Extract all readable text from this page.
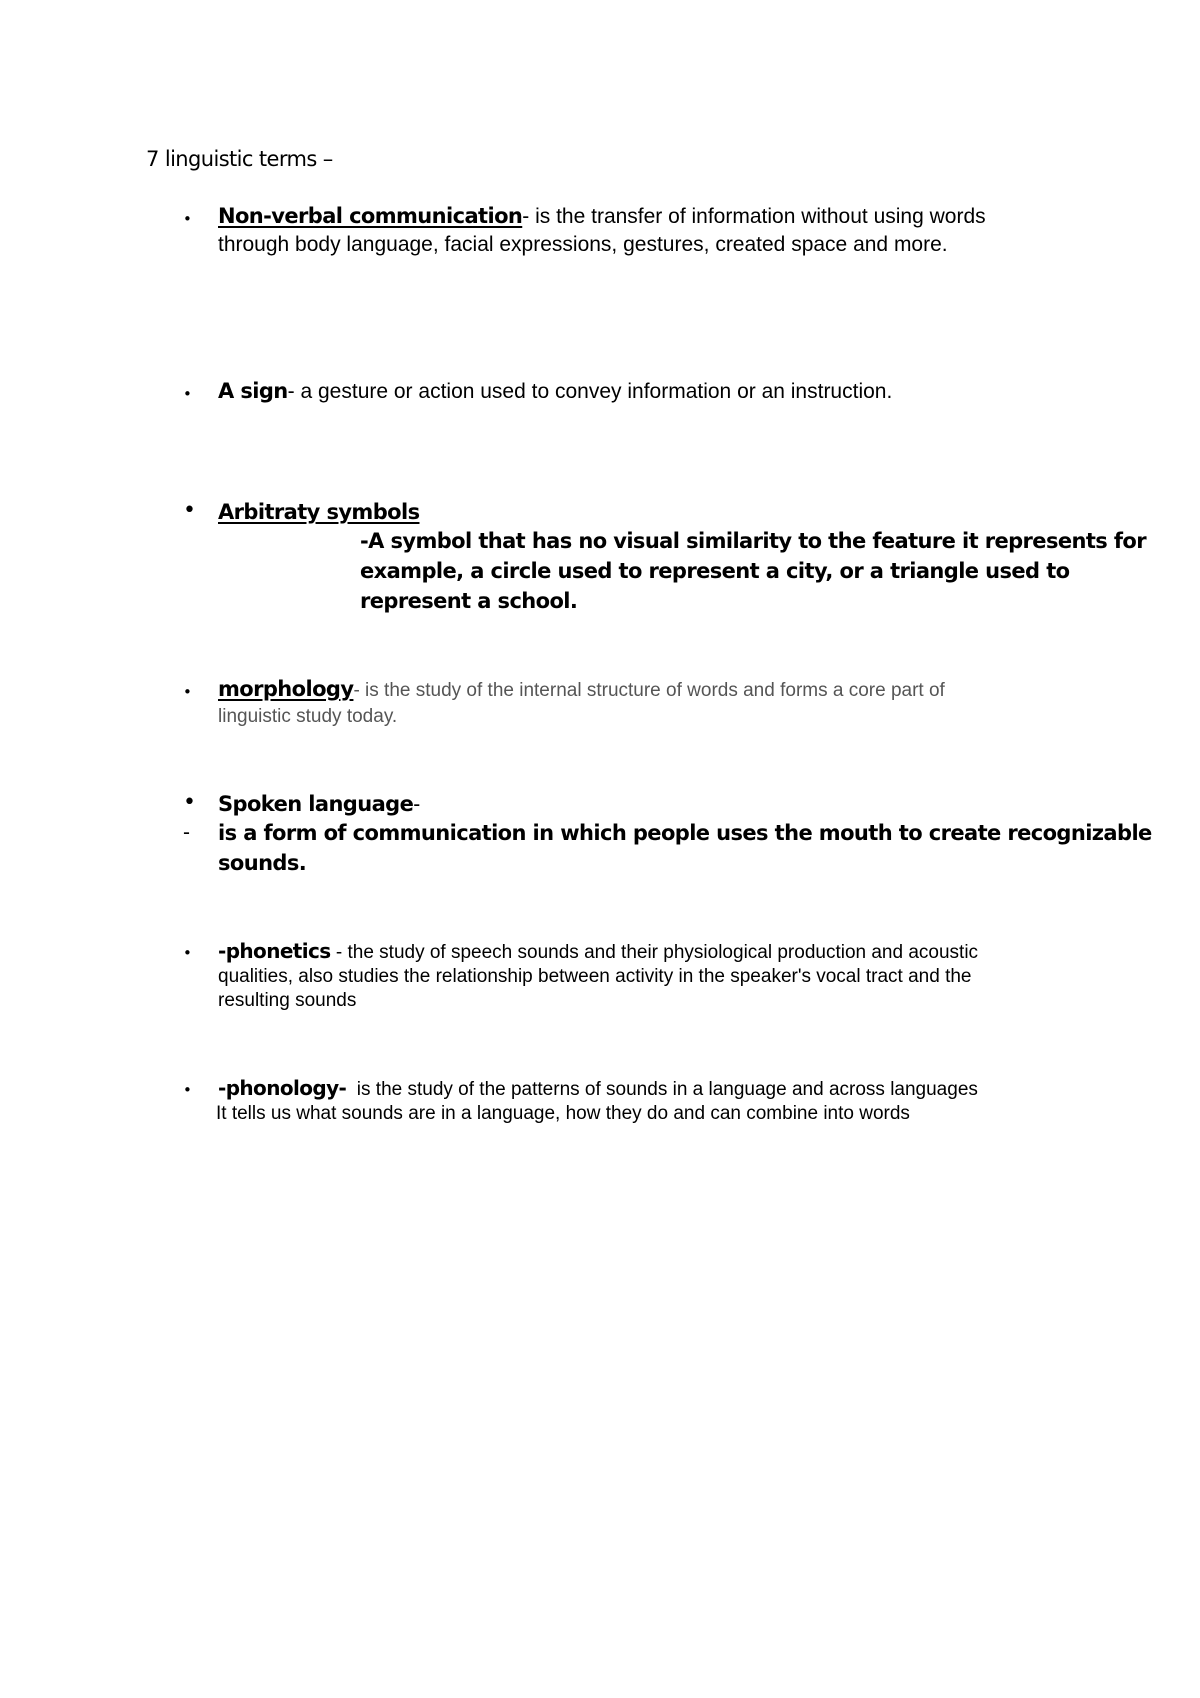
7 linguistic terms –
• Non-verbal communication- is the transfer of information without using words
through body language, facial expressions, gestures, created space and more.
• A sign- a gesture or action used to convey information or an instruction.
• Arbitraty symbols
-A symbol that has no visual similarity to the feature it represents for
example, a circle used to represent a city, or a triangle used to
represent a school.
• morphology- is the study of the internal structure of words and forms a core part of
linguistic study today.
• Spoken language-
- is a form of communication in which people uses the mouth to create recognizable
sounds.
• -phonetics - the study of speech sounds and their physiological production and acoustic
qualities, also studies the relationship between activity in the speaker's vocal tract and the
resulting sounds
• -phonology-  is the study of the patterns of sounds in a language and across languages
It tells us what sounds are in a language, how they do and can combine into words
